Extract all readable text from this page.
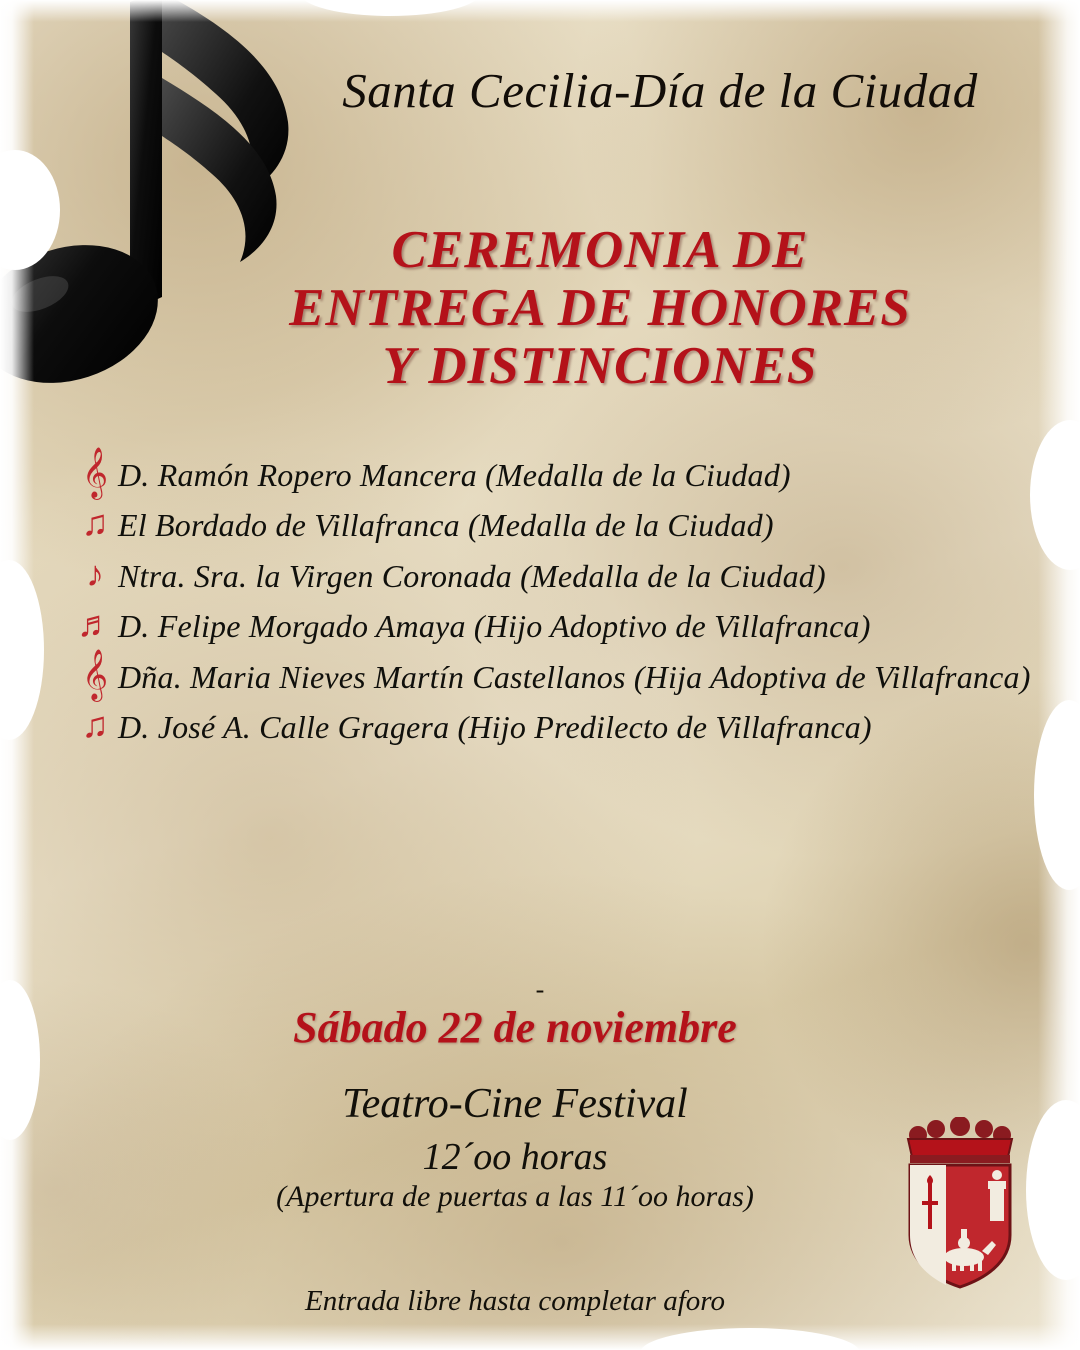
Santa Cecilia-Día de la Ciudad
CEREMONIA DE
ENTREGA DE HONORES
Y DISTINCIONES
𝄞 D. Ramón Ropero Mancera (Medalla de la Ciudad)
♫ El Bordado de Villafranca (Medalla de la Ciudad)
♪ Ntra. Sra. la Virgen Coronada (Medalla de la Ciudad)
♬ D. Felipe Morgado Amaya (Hijo Adoptivo de Villafranca)
𝄞 Dña. Maria Nieves Martín Castellanos (Hija Adoptiva de Villafranca)
♫ D. José A. Calle Gragera (Hijo Predilecto de Villafranca)
-
Sábado 22 de noviembre
Teatro-Cine Festival
12´oo horas
(Apertura de puertas a las 11´oo horas)
Entrada libre hasta completar aforo
